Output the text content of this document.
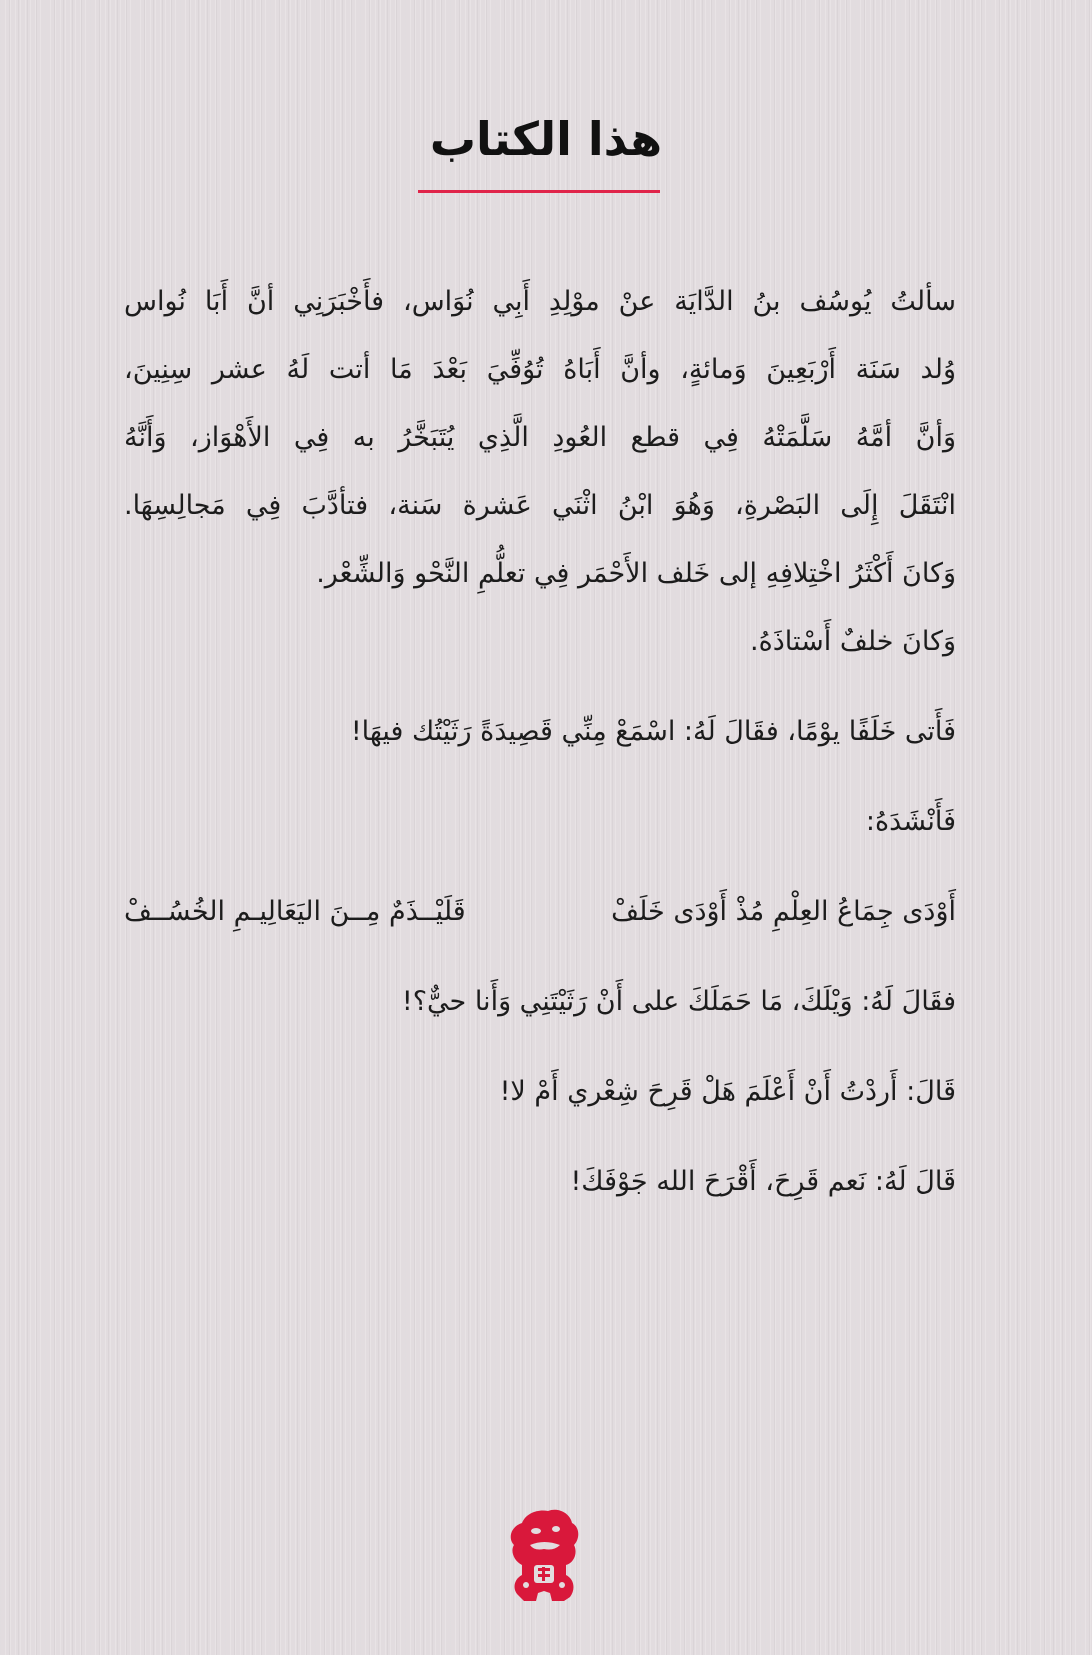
هذا الكتاب
سألتُ يُوسُف بنُ الدَّايَة عنْ موْلِدِ أَبِي نُوَاس، فأَخْبَرَنِي أنَّ أَبَا نُواس
وُلد سَنَة أَرْبَعِينَ وَمائةٍ، وأنَّ أَبَاهُ تُوُفِّيَ بَعْدَ مَا أتت لَهُ عشر سِنِينَ،
وَأنَّ أمَّهُ سَلَّمَتْهُ فِي قطع العُودِ الَّذِي يُتَبَخَّرُ به فِي الأَهْوَاز، وَأَنَّهُ
انْتَقَلَ إِلَى البَصْرةِ، وَهُوَ ابْنُ اثْنَي عَشرة سَنة، فتأدَّبَ فِي مَجالِسِهَا.
وَكانَ أَكْثَرُ اخْتِلافِهِ إلى خَلف الأَحْمَر فِي تعلُّمِ النَّحْو وَالشِّعْر.
وَكانَ خلفٌ أَسْتاذَهُ.
فَأَتى خَلَفًا يوْمًا، فقَالَ لَهُ: اسْمَعْ مِنِّي قَصِيدَةً رَثَيْتُك فيهَا!
فَأَنْشَدَهُ:
أَوْدَى جِمَاعُ العِلْمِ مُذْ أَوْدَى خَلَفْ
قَلَيْــذَمٌ مِــنَ اليَعَالِيـمِ الخُسُــفْ
فقَالَ لَهُ: وَيْلَكَ، مَا حَمَلَكَ على أَنْ رَثَيْتَنِي وَأَنا حيٌّ؟!
قَالَ: أَردْتُ أَنْ أَعْلَمَ هَلْ قَرِحَ شِعْري أَمْ لا!
قَالَ لَهُ: نَعم قَرِحَ، أَقْرَحَ الله جَوْفَكَ!
